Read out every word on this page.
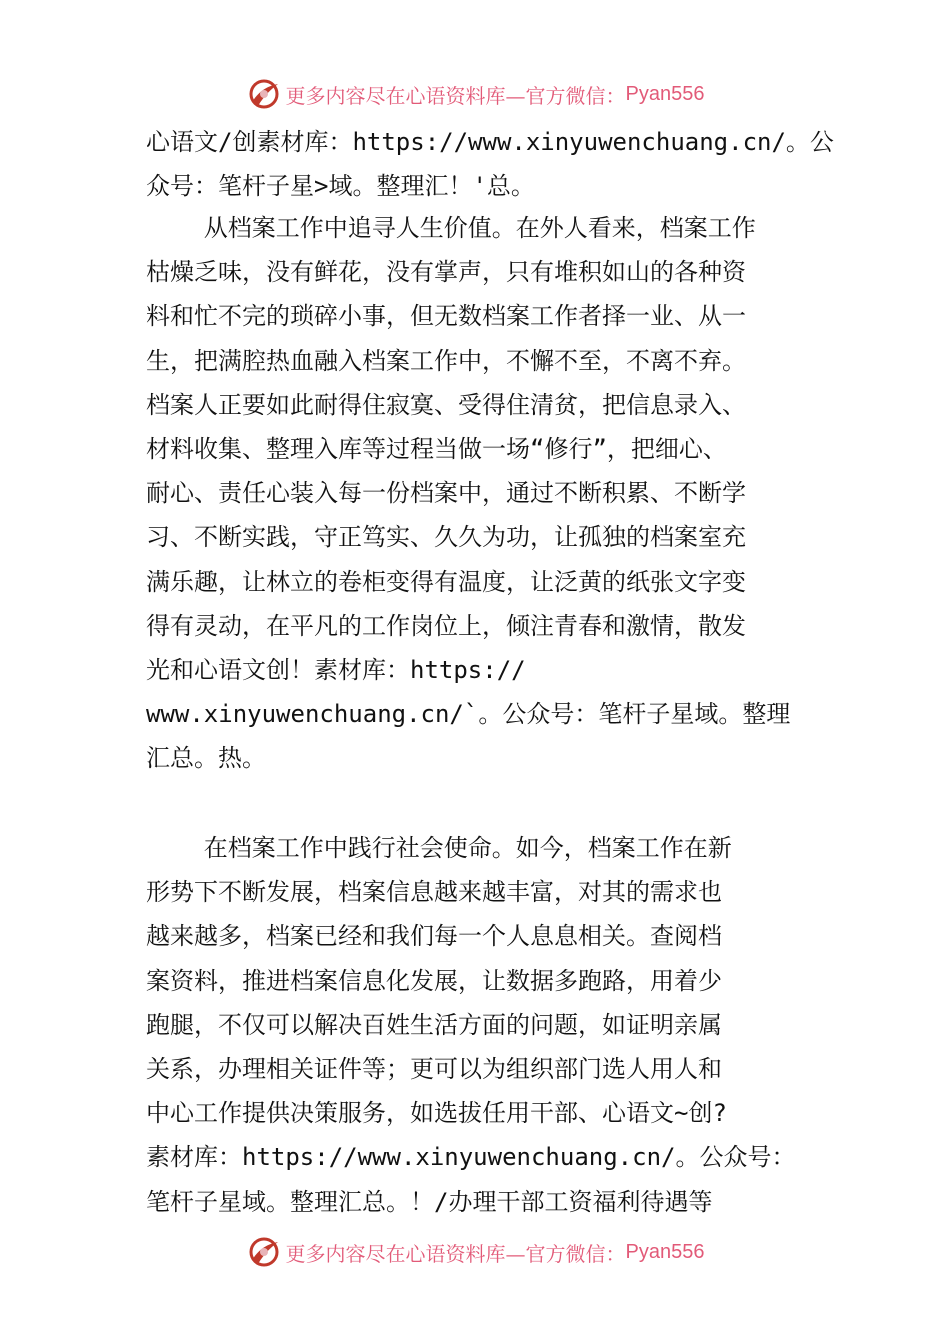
更多内容尽在心语资料库—官方微信： Pyan556
心语文/创素材库：https://www.xinyuwenchuang.cn/。公
众号：笔杆子星>域。整理汇！'总。
从档案工作中追寻人生价值。在外人看来，档案工作
枯燥乏味，没有鲜花，没有掌声，只有堆积如山的各种资
料和忙不完的琐碎小事，但无数档案工作者择一业、从一
生，把满腔热血融入档案工作中，不懈不至，不离不弃。
档案人正要如此耐得住寂寞、受得住清贫，把信息录入、
材料收集、整理入库等过程当做一场“修行”，把细心、
耐心、责任心装入每一份档案中，通过不断积累、不断学
习、不断实践，守正笃实、久久为功，让孤独的档案室充
满乐趣，让林立的卷柜变得有温度，让泛黄的纸张文字变
得有灵动，在平凡的工作岗位上，倾注青春和激情，散发
光和心语文创！素材库：https://
www.xinyuwenchuang.cn/`。公众号：笔杆子星域。整理
汇总。热。
在档案工作中践行社会使命。如今，档案工作在新
形势下不断发展，档案信息越来越丰富，对其的需求也
越来越多，档案已经和我们每一个人息息相关。查阅档
案资料，推进档案信息化发展，让数据多跑路，用着少
跑腿，不仅可以解决百姓生活方面的问题，如证明亲属
关系，办理相关证件等；更可以为组织部门选人用人和
中心工作提供决策服务，如选拔任用干部、心语文~创?
素材库：https://www.xinyuwenchuang.cn/。公众号：
笔杆子星域。整理汇总。！/办理干部工资福利待遇等
更多内容尽在心语资料库—官方微信： Pyan556
